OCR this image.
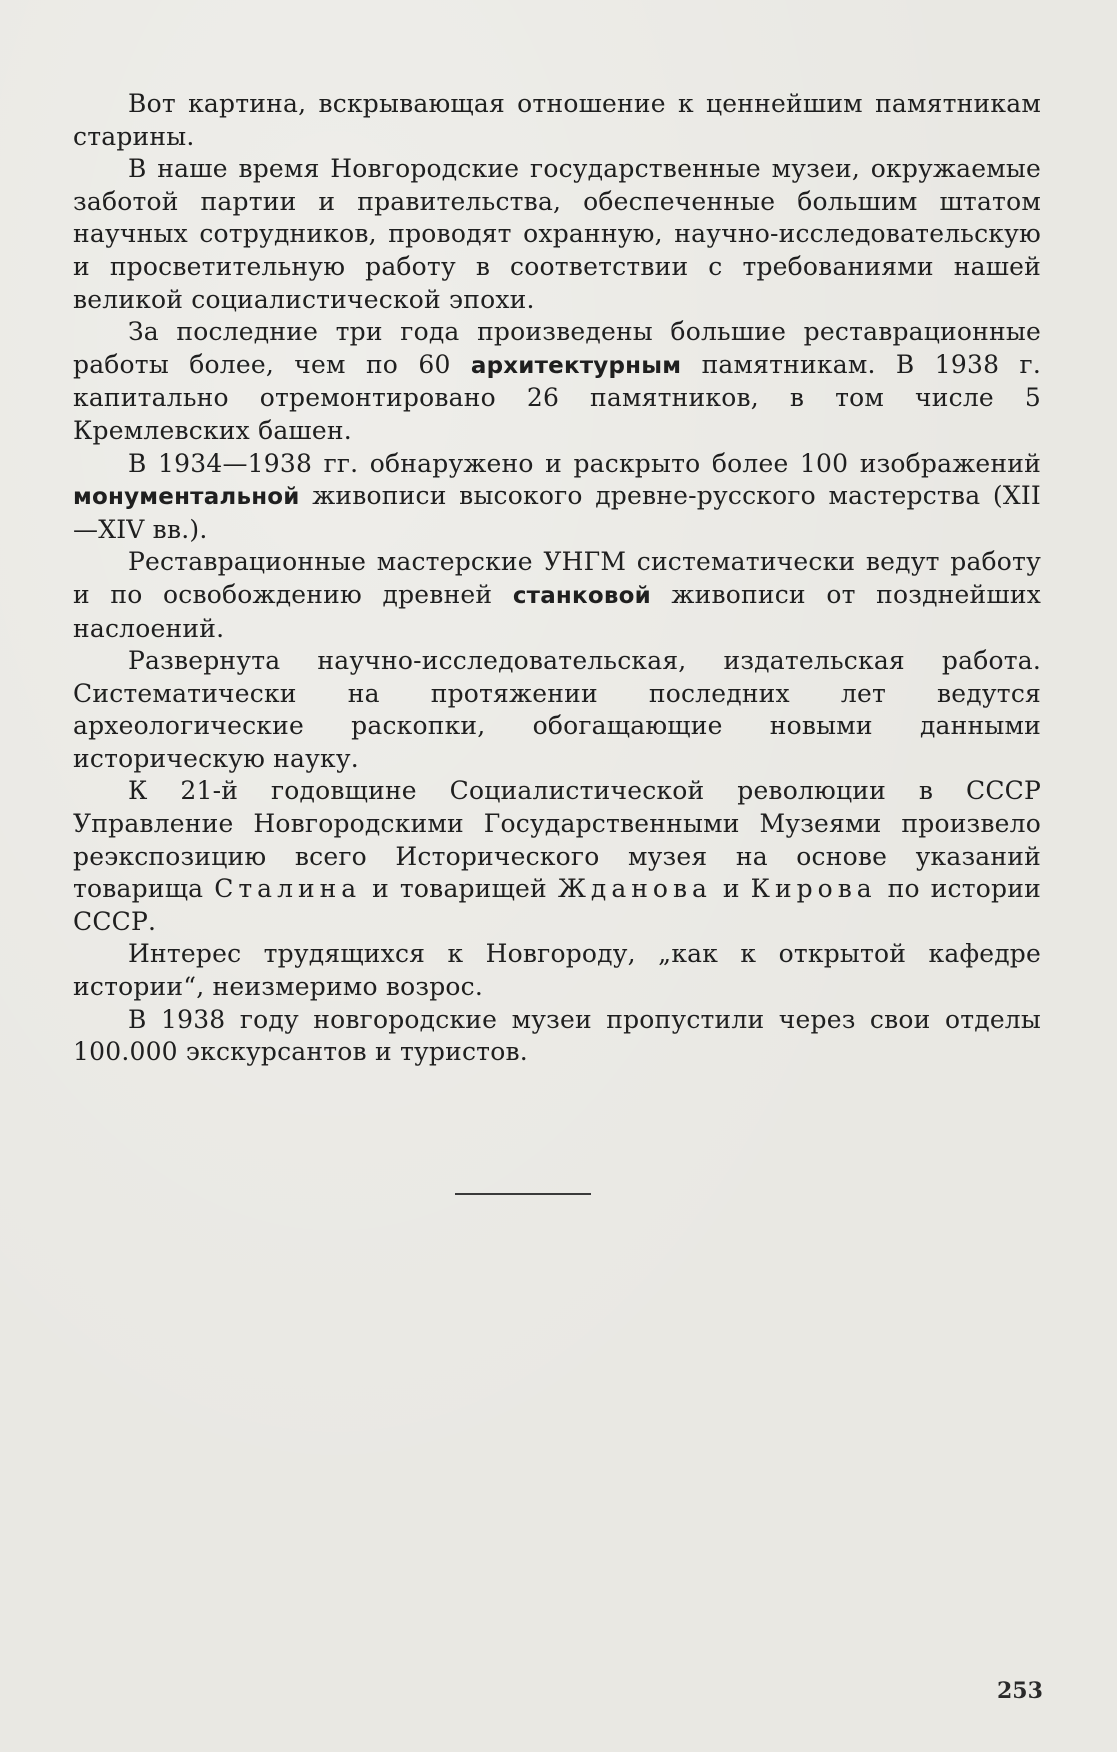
Вот картина, вскрывающая отношение к ценнейшим памятникам старины.

В наше время Новгородские государственные музеи, окружаемые заботой партии и правительства, обеспеченные большим штатом научных сотрудников, проводят охранную, научно-исследовательскую и просветительную работу в соответствии с требованиями нашей великой социалистической эпохи.

За последние три года произведены большие реставрационные работы более, чем по 60 архитектурным памятникам. В 1938 г. капитально отремонтировано 26 памятников, в том числе 5 Кремлевских башен.

В 1934—1938 гг. обнаружено и раскрыто более 100 изображений монументальной живописи высокого древне-русского мастерства (XII—XIV вв.).

Реставрационные мастерские УНГМ систематически ведут работу и по освобождению древней станковой живописи от позднейших наслоений.

Развернута научно-исследовательская, издательская работа. Систематически на протяжении последних лет ведутся археологические раскопки, обогащающие новыми данными историческую науку.

К 21-й годовщине Социалистической революции в СССР Управление Новгородскими Государственными Музеями произвело реэкспозицию всего Исторического музея на основе указаний товарища Сталина и товарищей Жданова и Кирова по истории СССР.

Интерес трудящихся к Новгороду, „как к открытой кафедре истории“, неизмеримо возрос.

В 1938 году новгородские музеи пропустили через свои отделы 100.000 экскурсантов и туристов.

253
